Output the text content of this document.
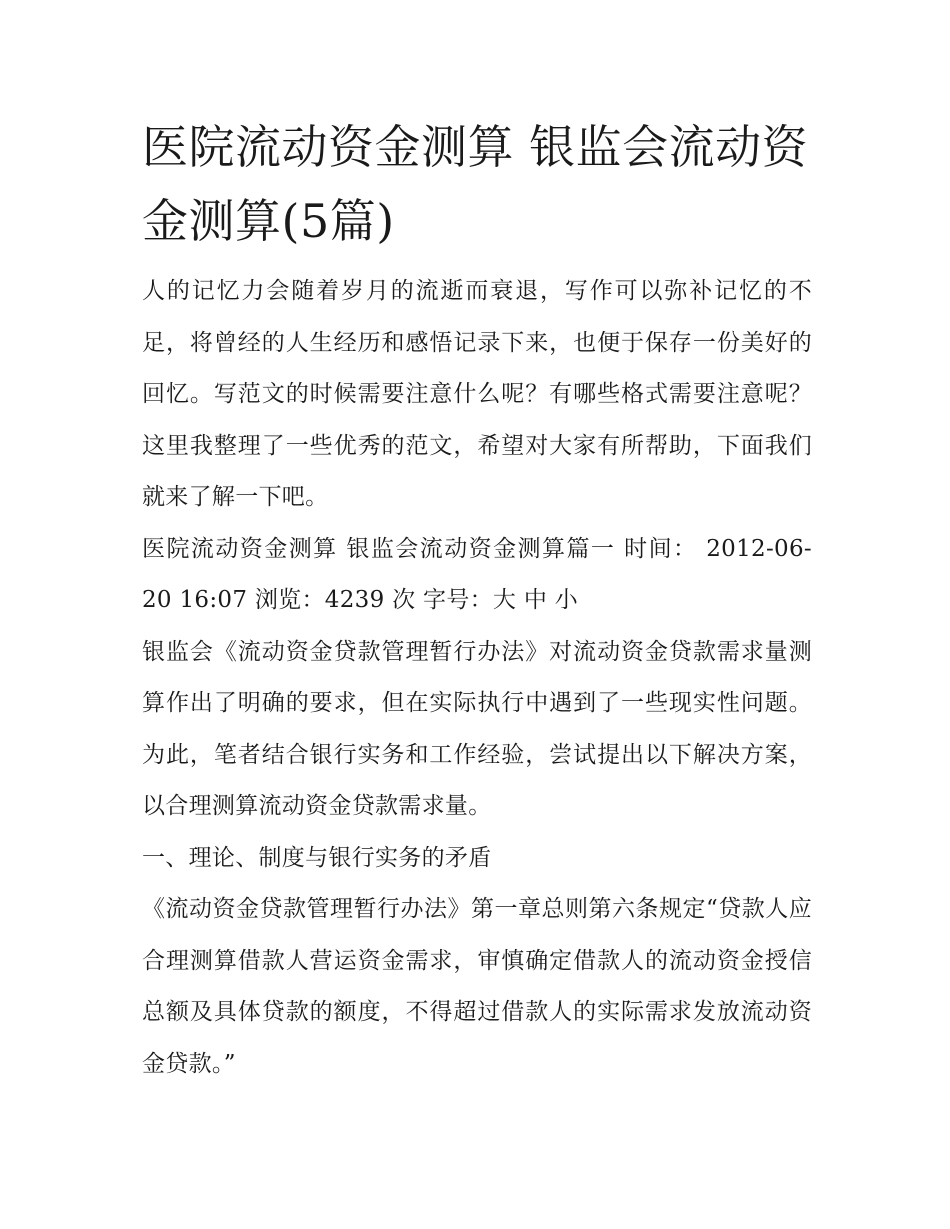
医院流动资金测算 银监会流动资金测算(5篇)

人的记忆力会随着岁月的流逝而衰退，写作可以弥补记忆的不足，将曾经的人生经历和感悟记录下来，也便于保存一份美好的回忆。写范文的时候需要注意什么呢？有哪些格式需要注意呢？这里我整理了一些优秀的范文，希望对大家有所帮助，下面我们就来了解一下吧。

医院流动资金测算 银监会流动资金测算篇一 时间： 2012-06-20 16:07 浏览：4239 次 字号：大 中 小

银监会《流动资金贷款管理暂行办法》对流动资金贷款需求量测算作出了明确的要求，但在实际执行中遇到了一些现实性问题。为此，笔者结合银行实务和工作经验，尝试提出以下解决方案，以合理测算流动资金贷款需求量。

一、理论、制度与银行实务的矛盾

《流动资金贷款管理暂行办法》第一章总则第六条规定“贷款人应合理测算借款人营运资金需求，审慎确定借款人的流动资金授信总额及具体贷款的额度，不得超过借款人的实际需求发放流动资金贷款。”
